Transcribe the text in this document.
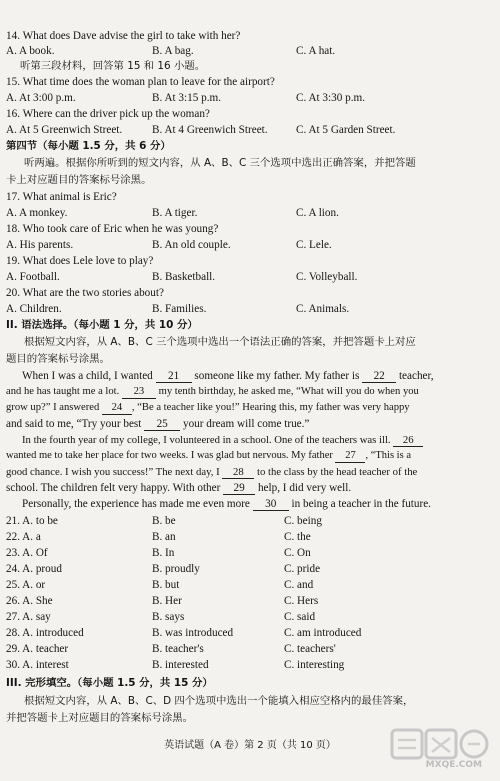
14. What does Dave advise the girl to take with her?
A. A book.	B. A bag.	C. A hat.
听第三段材料，回答第 15 和 16 小题。
15. What time does the woman plan to leave for the airport?
A. At 3:00 p.m.	B. At 3:15 p.m.	C. At 3:30 p.m.
16. Where can the driver pick up the woman?
A. At 5 Greenwich Street.	B. At 4 Greenwich Street.	C. At 5 Garden Street.
第四节（每小题 1.5 分，共 6 分）
听两遍。根据你所听到的短文内容，从 A、B、C 三个选项中选出正确答案，并把答题
卡上对应题目的答案标号涂黑。
17. What animal is Eric?
A. A monkey.	B. A tiger.	C. A lion.
18. Who took care of Eric when he was young?
A. His parents.	B. An old couple.	C. Lele.
19. What does Lele love to play?
A. Football.	B. Basketball.	C. Volleyball.
20. What are the two stories about?
A. Children.	B. Families.	C. Animals.
II. 语法选择。（每小题 1 分，共 10 分）
根据短文内容，从 A、B、C 三个选项中选出一个语法正确的答案，并把答题卡上对应
题目的答案标号涂黑。
When I was a child, I wanted 21 someone like my father. My father is 22 teacher,
and he has taught me a lot. 23 my tenth birthday, he asked me, “What will you do when you
grow up?” I answered 24 , “Be a teacher like you!” Hearing this, my father was very happy
and said to me, “Try your best 25 your dream will come true.”
In the fourth year of my college, I volunteered in a school. One of the teachers was ill. 26
wanted me to take her place for two weeks. I was glad but nervous. My father 27 , “This is a
good chance. I wish you success!” The next day, I 28 to the class by the head teacher of the
school. The children felt very happy. With other 29 help, I did very well.
Personally, the experience has made me even more 30 in being a teacher in the future.
21. A. to be	B. be	C. being
22. A. a	B. an	C. the
23. A. Of	B. In	C. On
24. A. proud	B. proudly	C. pride
25. A. or	B. but	C. and
26. A. She	B. Her	C. Hers
27. A. say	B. says	C. said
28. A. introduced	B. was introduced	C. am introduced
29. A. teacher	B. teacher's	C. teachers'
30. A. interest	B. interested	C. interesting
III. 完形填空。（每小题 1.5 分，共 15 分）
根据短文内容，从 A、B、C、D 四个选项中选出一个能填入相应空格内的最佳答案，
并把答题卡上对应题目的答案标号涂黑。
英语试题（A 卷）第 2 页（共 10 页）
MXQE.COM
